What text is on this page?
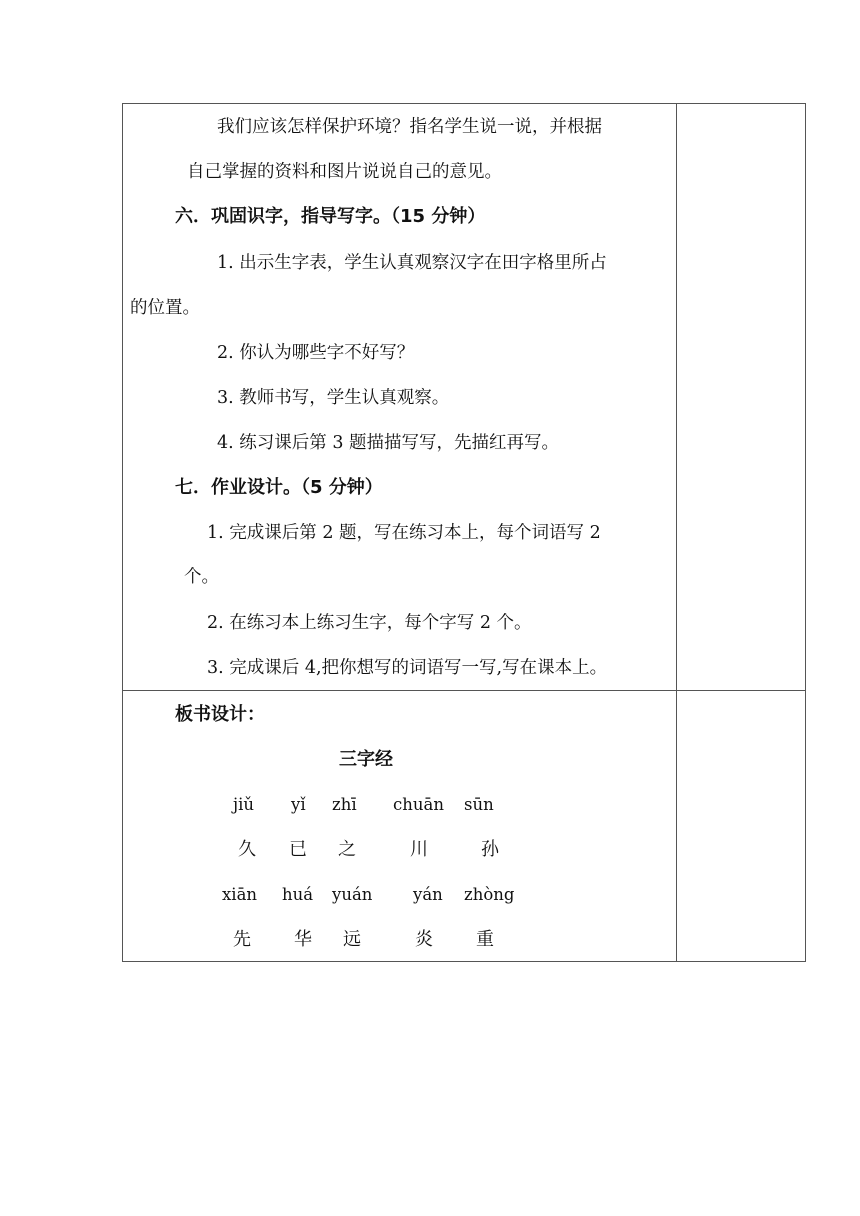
我们应该怎样保护环境？指名学生说一说，并根据
自己掌握的资料和图片说说自己的意见。
六．巩固识字，指导写字。（15 分钟）
1. 出示生字表，学生认真观察汉字在田字格里所占
的位置。
2. 你认为哪些字不好写？
3. 教师书写，学生认真观察。
4. 练习课后第 3 题描描写写，先描红再写。
七．作业设计。（5 分钟）
1. 完成课后第 2 题，写在练习本上，每个词语写 2
个。
2. 在练习本上练习生字，每个字写 2 个。
3. 完成课后 4,把你想写的词语写一写,写在课本上。
板书设计：
三字经
jiǔ yǐ zhī chuān sūn
久 已 之	川	孙
xiān huá yuán yán zhòng
先 华 远	炎 重
